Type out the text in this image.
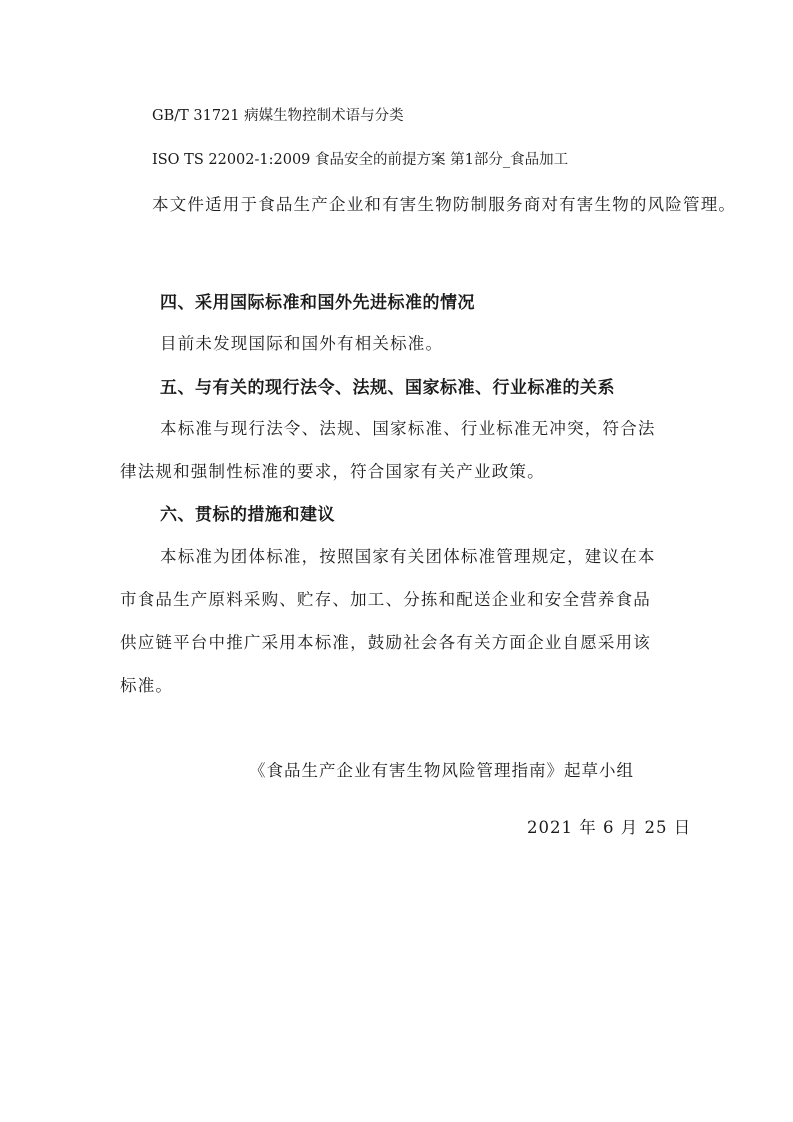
GB/T 31721 病媒生物控制术语与分类
ISO TS 22002-1:2009 食品安全的前提方案 第1部分_食品加工
本文件适用于食品生产企业和有害生物防制服务商对有害生物的风险管理。
四、采用国际标准和国外先进标准的情况
目前未发现国际和国外有相关标准。
五、与有关的现行法令、法规、国家标准、行业标准的关系
本标准与现行法令、法规、国家标准、行业标准无冲突，符合法
律法规和强制性标准的要求，符合国家有关产业政策。
六、贯标的措施和建议
本标准为团体标准，按照国家有关团体标准管理规定，建议在本
市食品生产原料采购、贮存、加工、分拣和配送企业和安全营养食品
供应链平台中推广采用本标准，鼓励社会各有关方面企业自愿采用该
标准。
《食品生产企业有害生物风险管理指南》起草小组
2021 年 6 月 25 日
